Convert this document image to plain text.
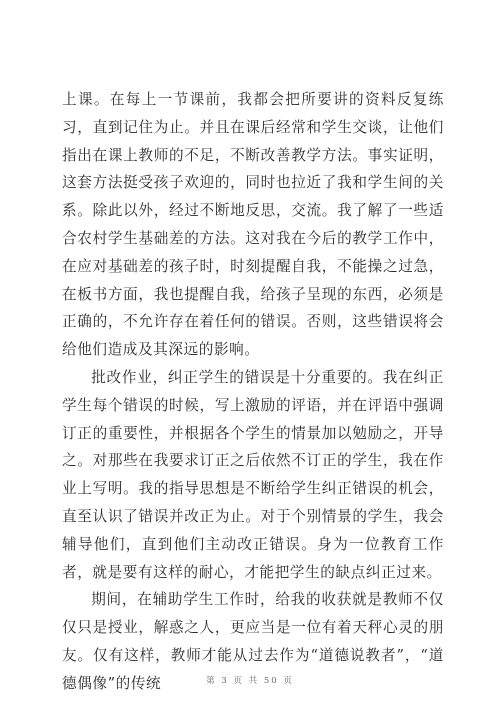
上课。在每上一节课前，我都会把所要讲的资料反复练习，直到记住为止。并且在课后经常和学生交谈，让他们指出在课上教师的不足，不断改善教学方法。事实证明，这套方法挺受孩子欢迎的，同时也拉近了我和学生间的关系。除此以外，经过不断地反思，交流。我了解了一些适合农村学生基础差的方法。这对我在今后的教学工作中，在应对基础差的孩子时，时刻提醒自我，不能操之过急，在板书方面，我也提醒自我，给孩子呈现的东西，必须是正确的，不允许存在着任何的错误。否则，这些错误将会给他们造成及其深远的影响。

批改作业，纠正学生的错误是十分重要的。我在纠正学生每个错误的时候，写上激励的评语，并在评语中强调订正的重要性，并根据各个学生的情景加以勉励之，开导之。对那些在我要求订正之后依然不订正的学生，我在作业上写明。我的指导思想是不断给学生纠正错误的机会，直至认识了错误并改正为止。对于个别情景的学生，我会辅导他们，直到他们主动改正错误。身为一位教育工作者，就是要有这样的耐心，才能把学生的缺点纠正过来。

期间，在辅助学生工作时，给我的收获就是教师不仅仅只是授业，解惑之人，更应当是一位有着天秤心灵的朋友。仅有这样，教师才能从过去作为“道德说教者”，“道德偶像”的传统	第 3 页 共 50 页
